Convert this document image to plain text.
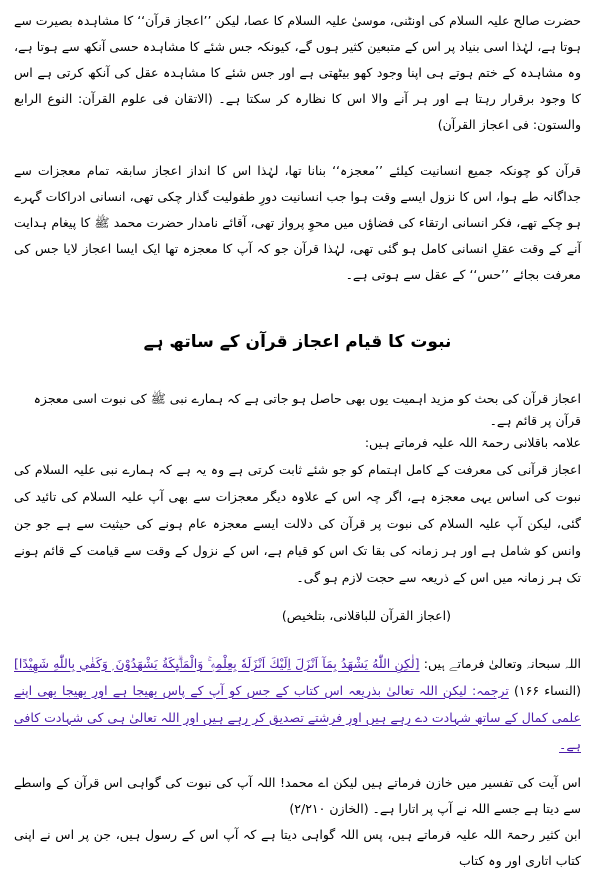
حضرت صالح علیہ السلام کی اونٹنی، موسیٰ علیہ السلام کا عصا، لیکن ’’اعجاز قرآن‘‘ کا مشاہدہ بصیرت سے ہوتا ہے، لہٰذا اسی بنیاد پر اس کے متبعین کثیر ہوں گے، کیونکہ جس شئے کا مشاہدہ حسی آنکھ سے ہوتا ہے، وہ مشاہدہ کے ختم ہوتے ہی اپنا وجود کھو بیٹھتی ہے اور جس شئے کا مشاہدہ عقل کی آنکھ کرتی ہے اس کا وجود برقرار رہتا ہے اور ہر آنے والا اس کا نظارہ کر سکتا ہے۔ (الاتقان فی علوم القرآن: النوع الرابع والستون: فی اعجاز القرآن)

قرآن کو چونکہ جمیع انسانیت کیلئے ’’معجزہ‘‘ بنانا تھا، لہٰذا اس کا انداز اعجاز سابقہ تمام معجزات سے جداگانہ طے ہوا، اس کا نزول ایسے وقت ہوا جب انسانیت دورِ طفولیت گذار چکی تھی، انسانی ادراکات گہرے ہو چکے تھے، فکر انسانی ارتقاء کی فضاؤں میں محوِ پرواز تھی، آقائے نامدار حضرت محمد ﷺ کا پیغام ہدایت آنے کے وقت عقلِ انسانی کامل ہو گئی تھی، لہٰذا قرآن جو کہ آپ کا معجزہ تھا ایک ایسا اعجاز لایا جس کی معرفت بجائے ’’حس‘‘ کے عقل سے ہوتی ہے۔

نبوت کا قیام اعجاز قرآن کے ساتھ ہے

اعجاز قرآن کی بحث کو مزید اہمیت یوں بھی حاصل ہو جاتی ہے کہ ہمارے نبی ﷺ کی نبوت اسی معجزہ قرآن پر قائم ہے۔

علامہ باقلانی رحمۃ اللہ علیہ فرماتے ہیں:

اعجاز قرآنی کی معرفت کے کامل اہتمام کو جو شئے ثابت کرتی ہے وہ یہ ہے کہ ہمارے نبی علیہ السلام کی نبوت کی اساس یہی معجزہ ہے، اگر چہ اس کے علاوہ دیگر معجزات سے بھی آپ علیہ السلام کی تائید کی گئی، لیکن آپ علیہ السلام کی نبوت پر قرآن کی دلالت ایسے معجزہ عام ہونے کی حیثیت سے ہے جو جن وانس کو شامل ہے اور ہر زمانہ کی بقا تک اس کو قیام ہے، اس کے نزول کے وقت سے قیامت کے قائم ہونے تک ہر زمانہ میں اس کے ذریعہ سے حجت لازم ہو گی۔

(اعجاز القرآن للباقلانی، بتلخیص)

اللہ سبحانہ وتعالیٰ فرماتے ہیں: [لٰكِنِ اللّٰهُ يَشْهَدُ بِمَآ اَنْزَلَ اِلَيْكَ اَنْزَلَهٗ بِعِلْمِهٖ ۚ وَالْمَلٰۗىِٕكَةُ يَشْهَدُوْنَ ۭ وَكَفٰي بِاللّٰهِ شَهِيْدًا] (النساء ۱۶۶) ترجمہ: لیکن اللہ تعالیٰ بذریعہ اس کتاب کے جس کو آپ کے پاس بھیجا ہے اور بھیجا بھی اپنے علمی کمال کے ساتھ شہادت دے رہے ہیں اور فرشتے تصدیق کر رہے ہیں اور اللہ تعالیٰ ہی کی شہادت کافی ہے۔

اس آیت کی تفسیر میں خازن فرماتے ہیں لیکن اے محمد! اللہ آپ کی نبوت کی گواہی اس قرآن کے واسطے سے دیتا ہے جسے اللہ نے آپ پر اتارا ہے۔ (الخازن ۲/۲۱۰)

ابن کثیر رحمۃ اللہ علیہ فرماتے ہیں، پس اللہ گواہی دیتا ہے کہ آپ اس کے رسول ہیں، جن پر اس نے اپنی کتاب اتاری اور وہ کتاب
